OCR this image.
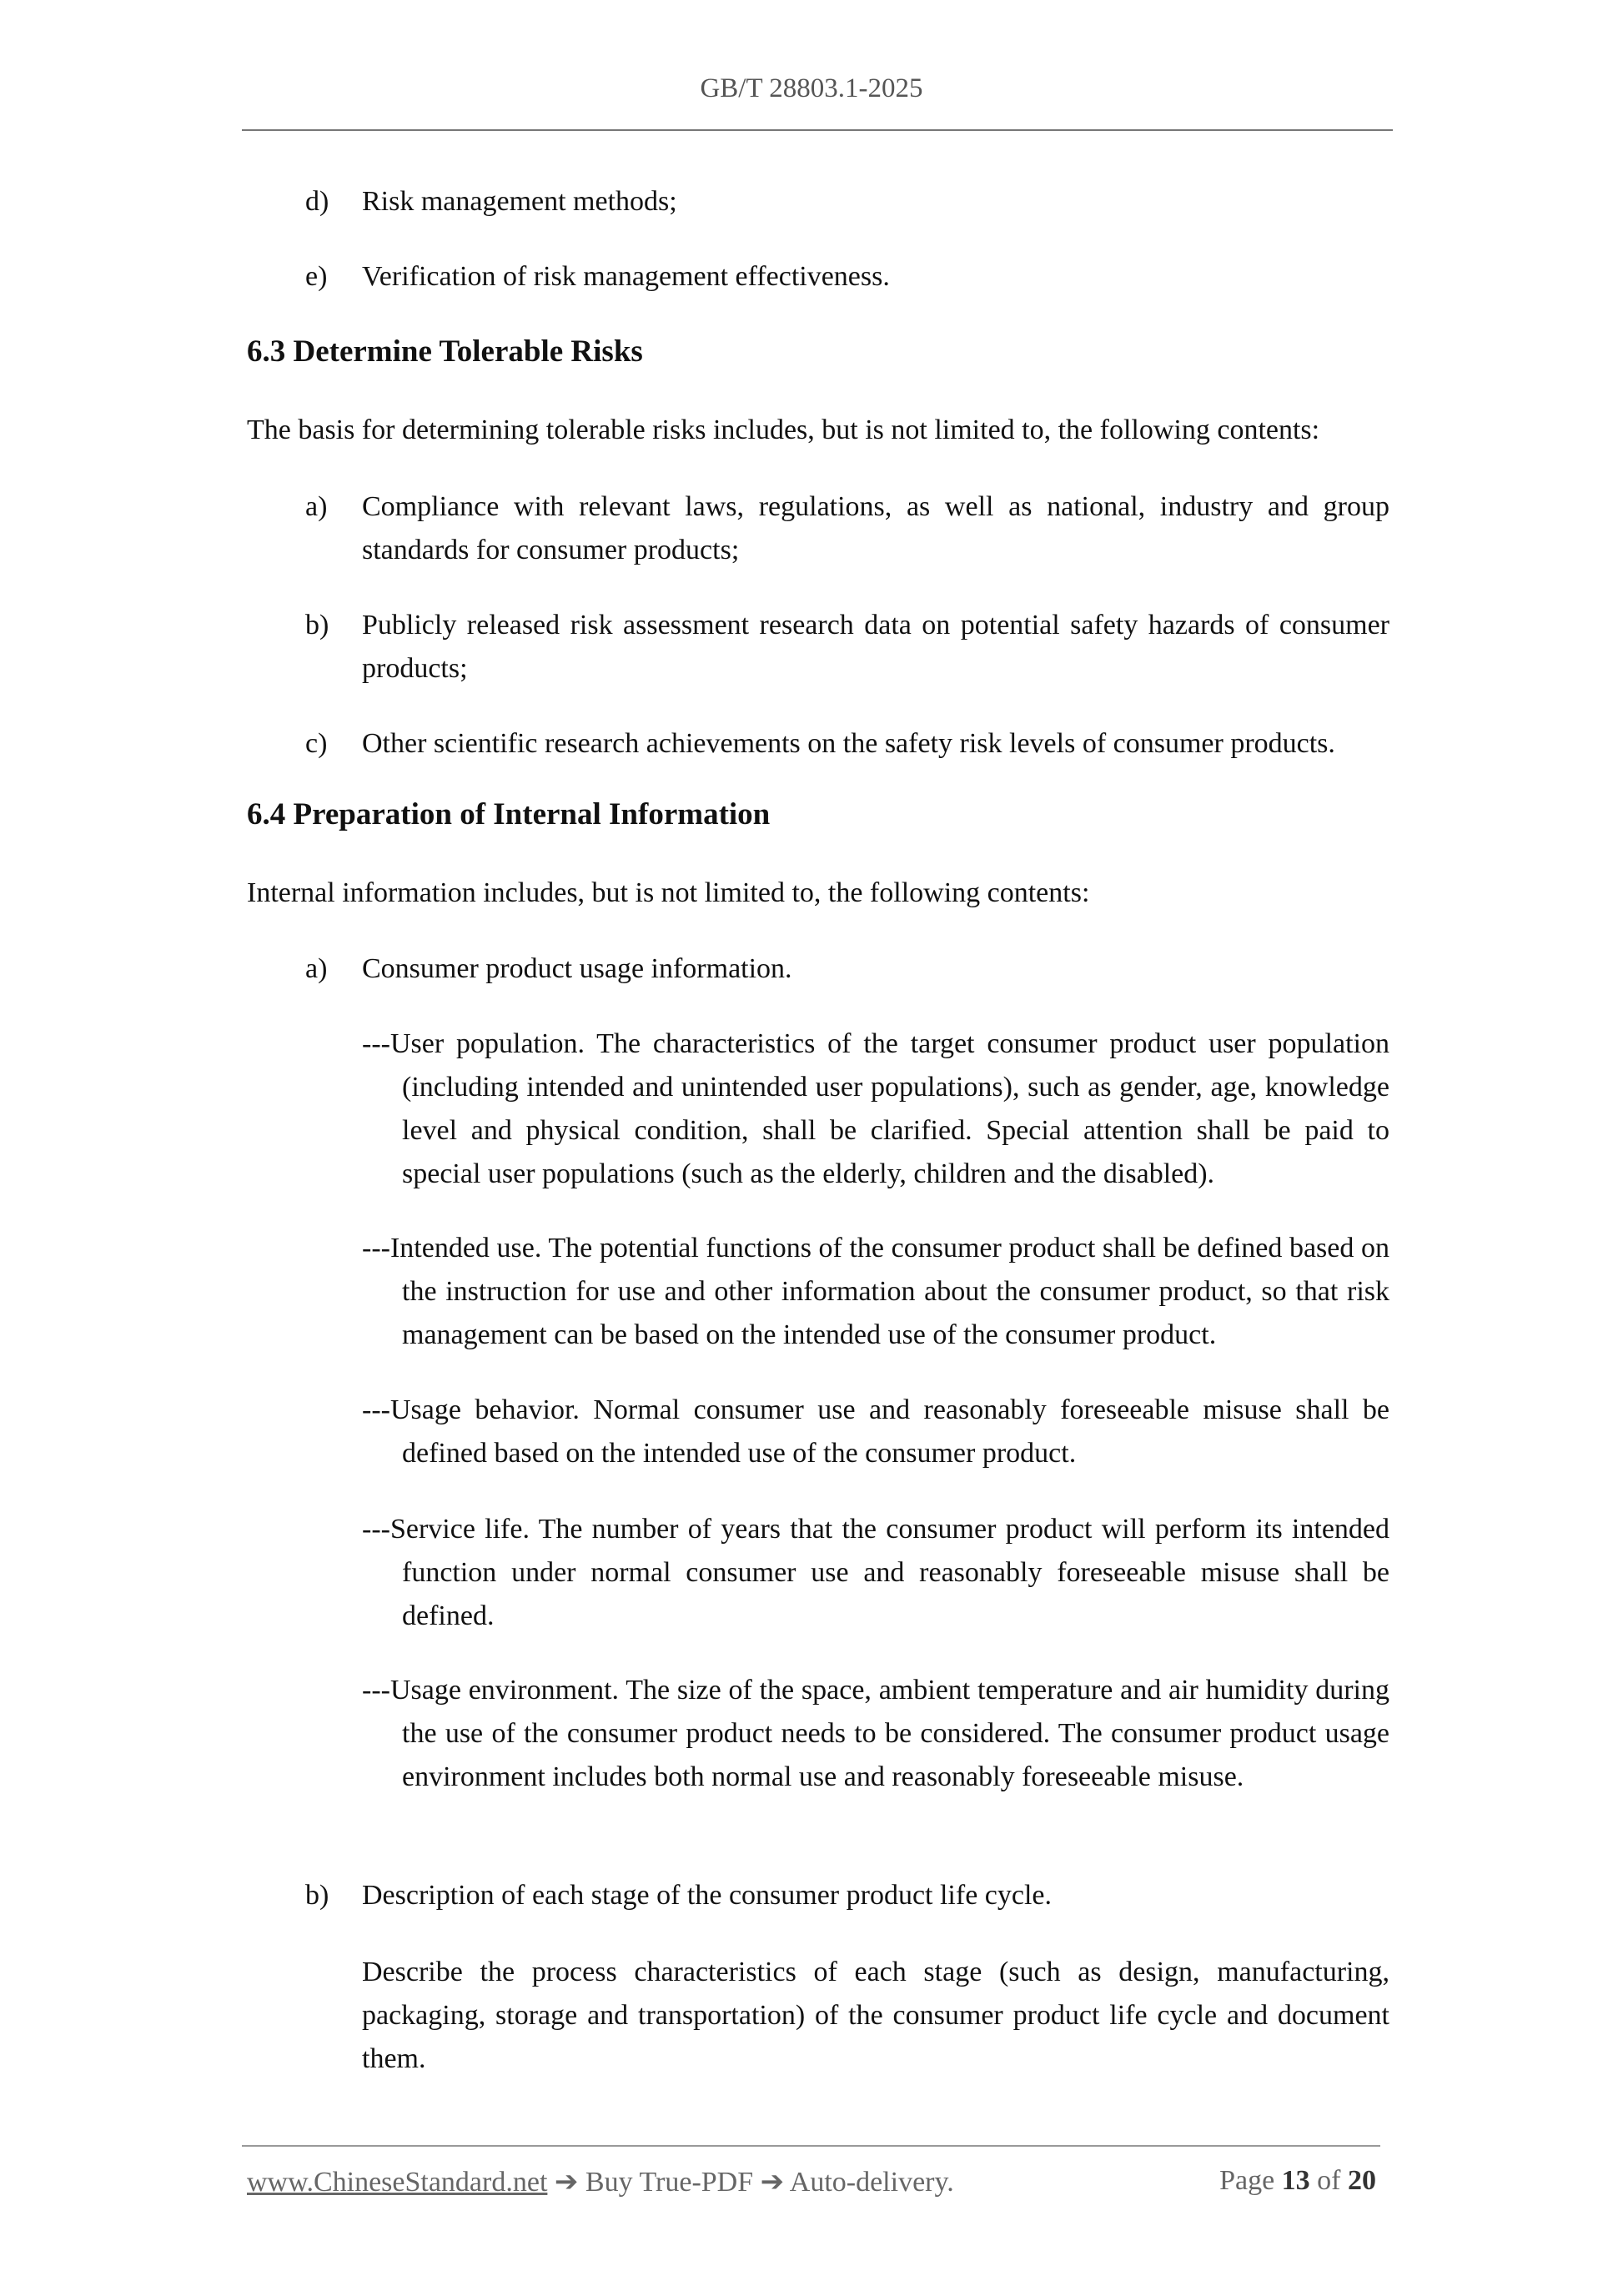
GB/T 28803.1-2025
d) Risk management methods;
e) Verification of risk management effectiveness.
6.3 Determine Tolerable Risks
The basis for determining tolerable risks includes, but is not limited to, the following contents:
a) Compliance with relevant laws, regulations, as well as national, industry and group standards for consumer products;
b) Publicly released risk assessment research data on potential safety hazards of consumer products;
c) Other scientific research achievements on the safety risk levels of consumer products.
6.4 Preparation of Internal Information
Internal information includes, but is not limited to, the following contents:
a) Consumer product usage information.
---User population. The characteristics of the target consumer product user population (including intended and unintended user populations), such as gender, age, knowledge level and physical condition, shall be clarified. Special attention shall be paid to special user populations (such as the elderly, children and the disabled).
---Intended use. The potential functions of the consumer product shall be defined based on the instruction for use and other information about the consumer product, so that risk management can be based on the intended use of the consumer product.
---Usage behavior. Normal consumer use and reasonably foreseeable misuse shall be defined based on the intended use of the consumer product.
---Service life. The number of years that the consumer product will perform its intended function under normal consumer use and reasonably foreseeable misuse shall be defined.
---Usage environment. The size of the space, ambient temperature and air humidity during the use of the consumer product needs to be considered. The consumer product usage environment includes both normal use and reasonably foreseeable misuse.
b) Description of each stage of the consumer product life cycle.
Describe the process characteristics of each stage (such as design, manufacturing, packaging, storage and transportation) of the consumer product life cycle and document them.
www.ChineseStandard.net ➔ Buy True-PDF ➔ Auto-delivery.	Page 13 of 20
